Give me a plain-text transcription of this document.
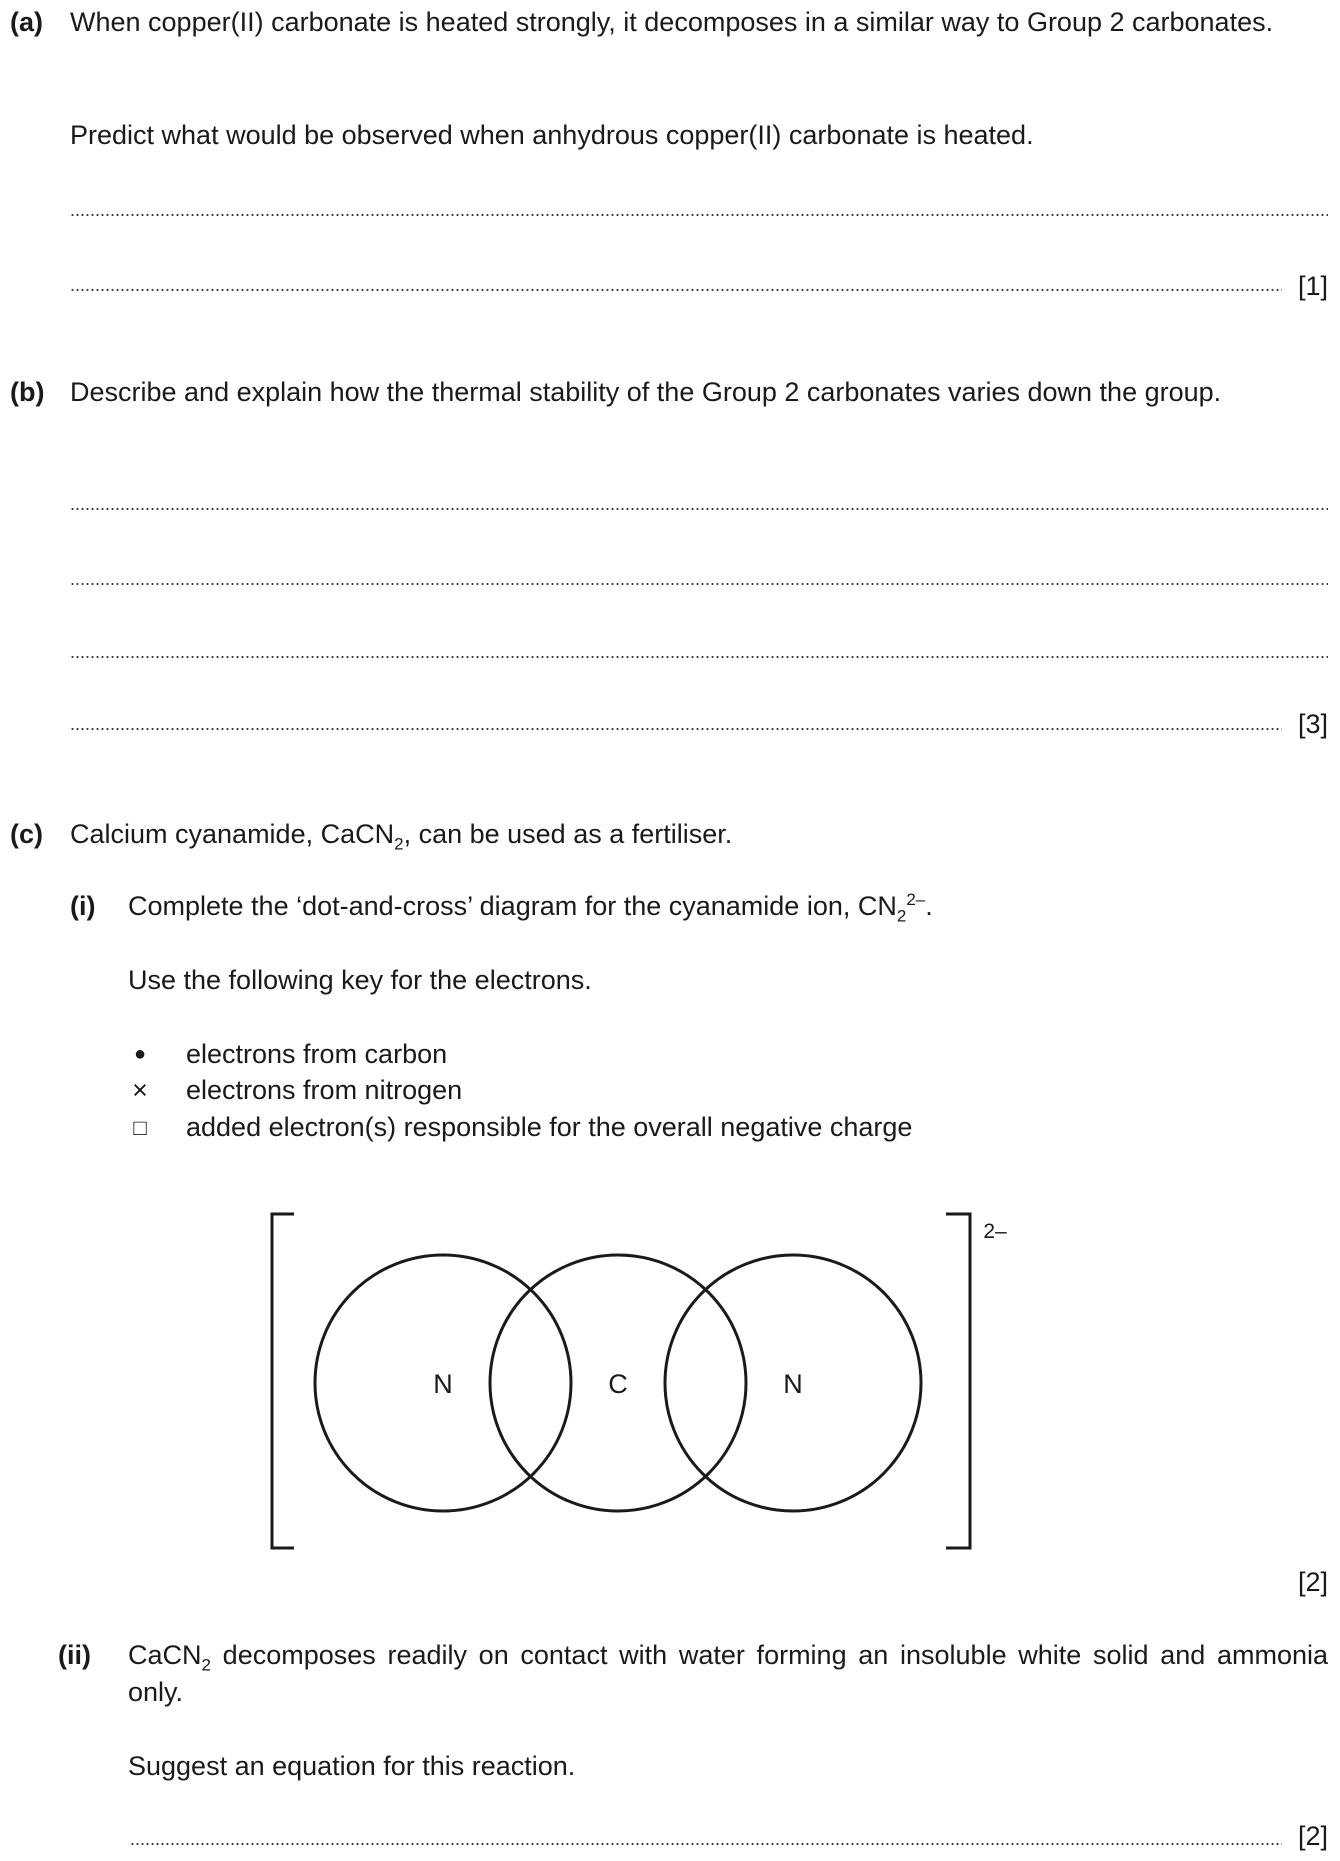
(a) When copper(II) carbonate is heated strongly, it decomposes in a similar way to Group 2 carbonates.
Predict what would be observed when anhydrous copper(II) carbonate is heated.
[1]
(b) Describe and explain how the thermal stability of the Group 2 carbonates varies down the group.
[3]
(c) Calcium cyanamide, CaCN$_2$, can be used as a fertiliser.
(i) Complete the ‘dot-and-cross’ diagram for the cyanamide ion, $CN_2^{2-}$.
Use the following key for the electrons.
● electrons from carbon
× electrons from nitrogen
□ added electron(s) responsible for the overall negative charge
N	C	N
2–
[2]
(ii) CaCN$_2$ decomposes readily on contact with water forming an insoluble white solid and ammonia only.
Suggest an equation for this reaction.
[2]
